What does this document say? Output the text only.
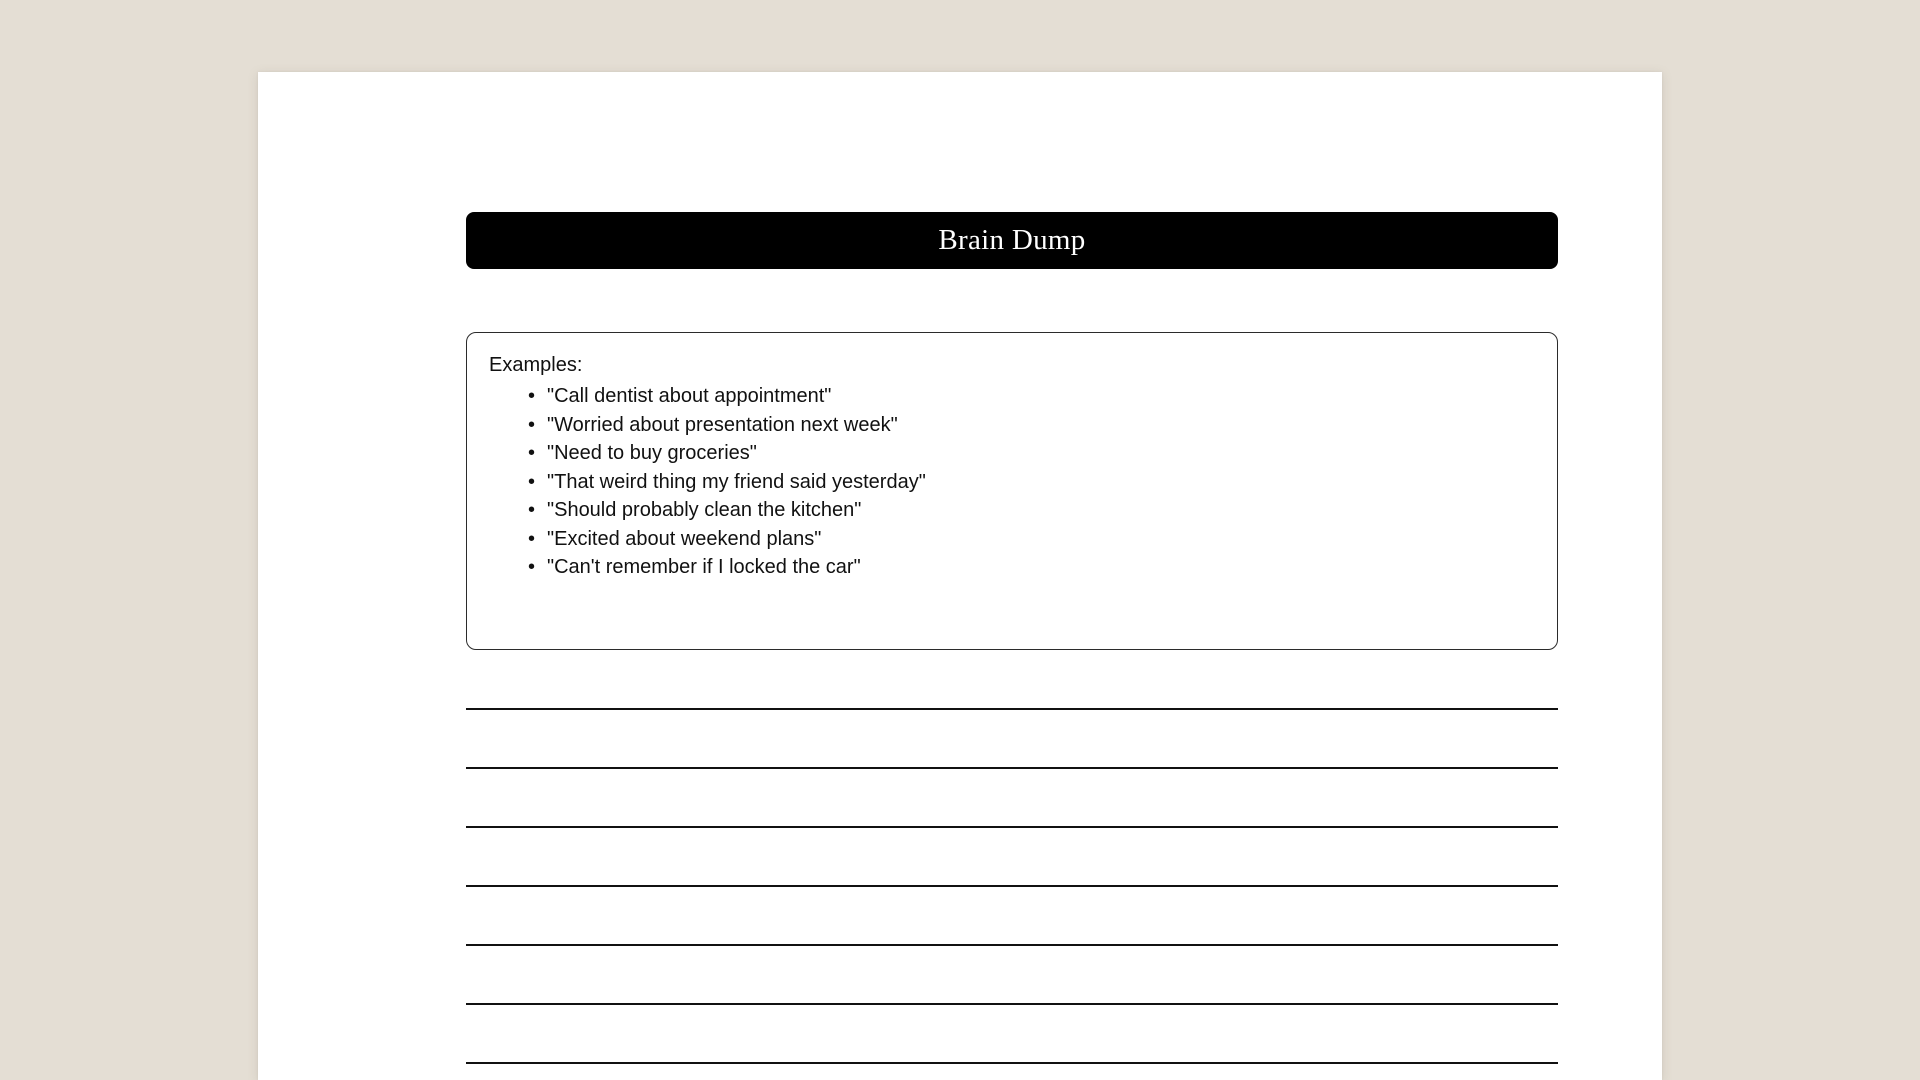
Brain Dump

Examples:

• "Call dentist about appointment"
• "Worried about presentation next week"
• "Need to buy groceries"
• "That weird thing my friend said yesterday"
• "Should probably clean the kitchen"
• "Excited about weekend plans"
• "Can't remember if I locked the car"
